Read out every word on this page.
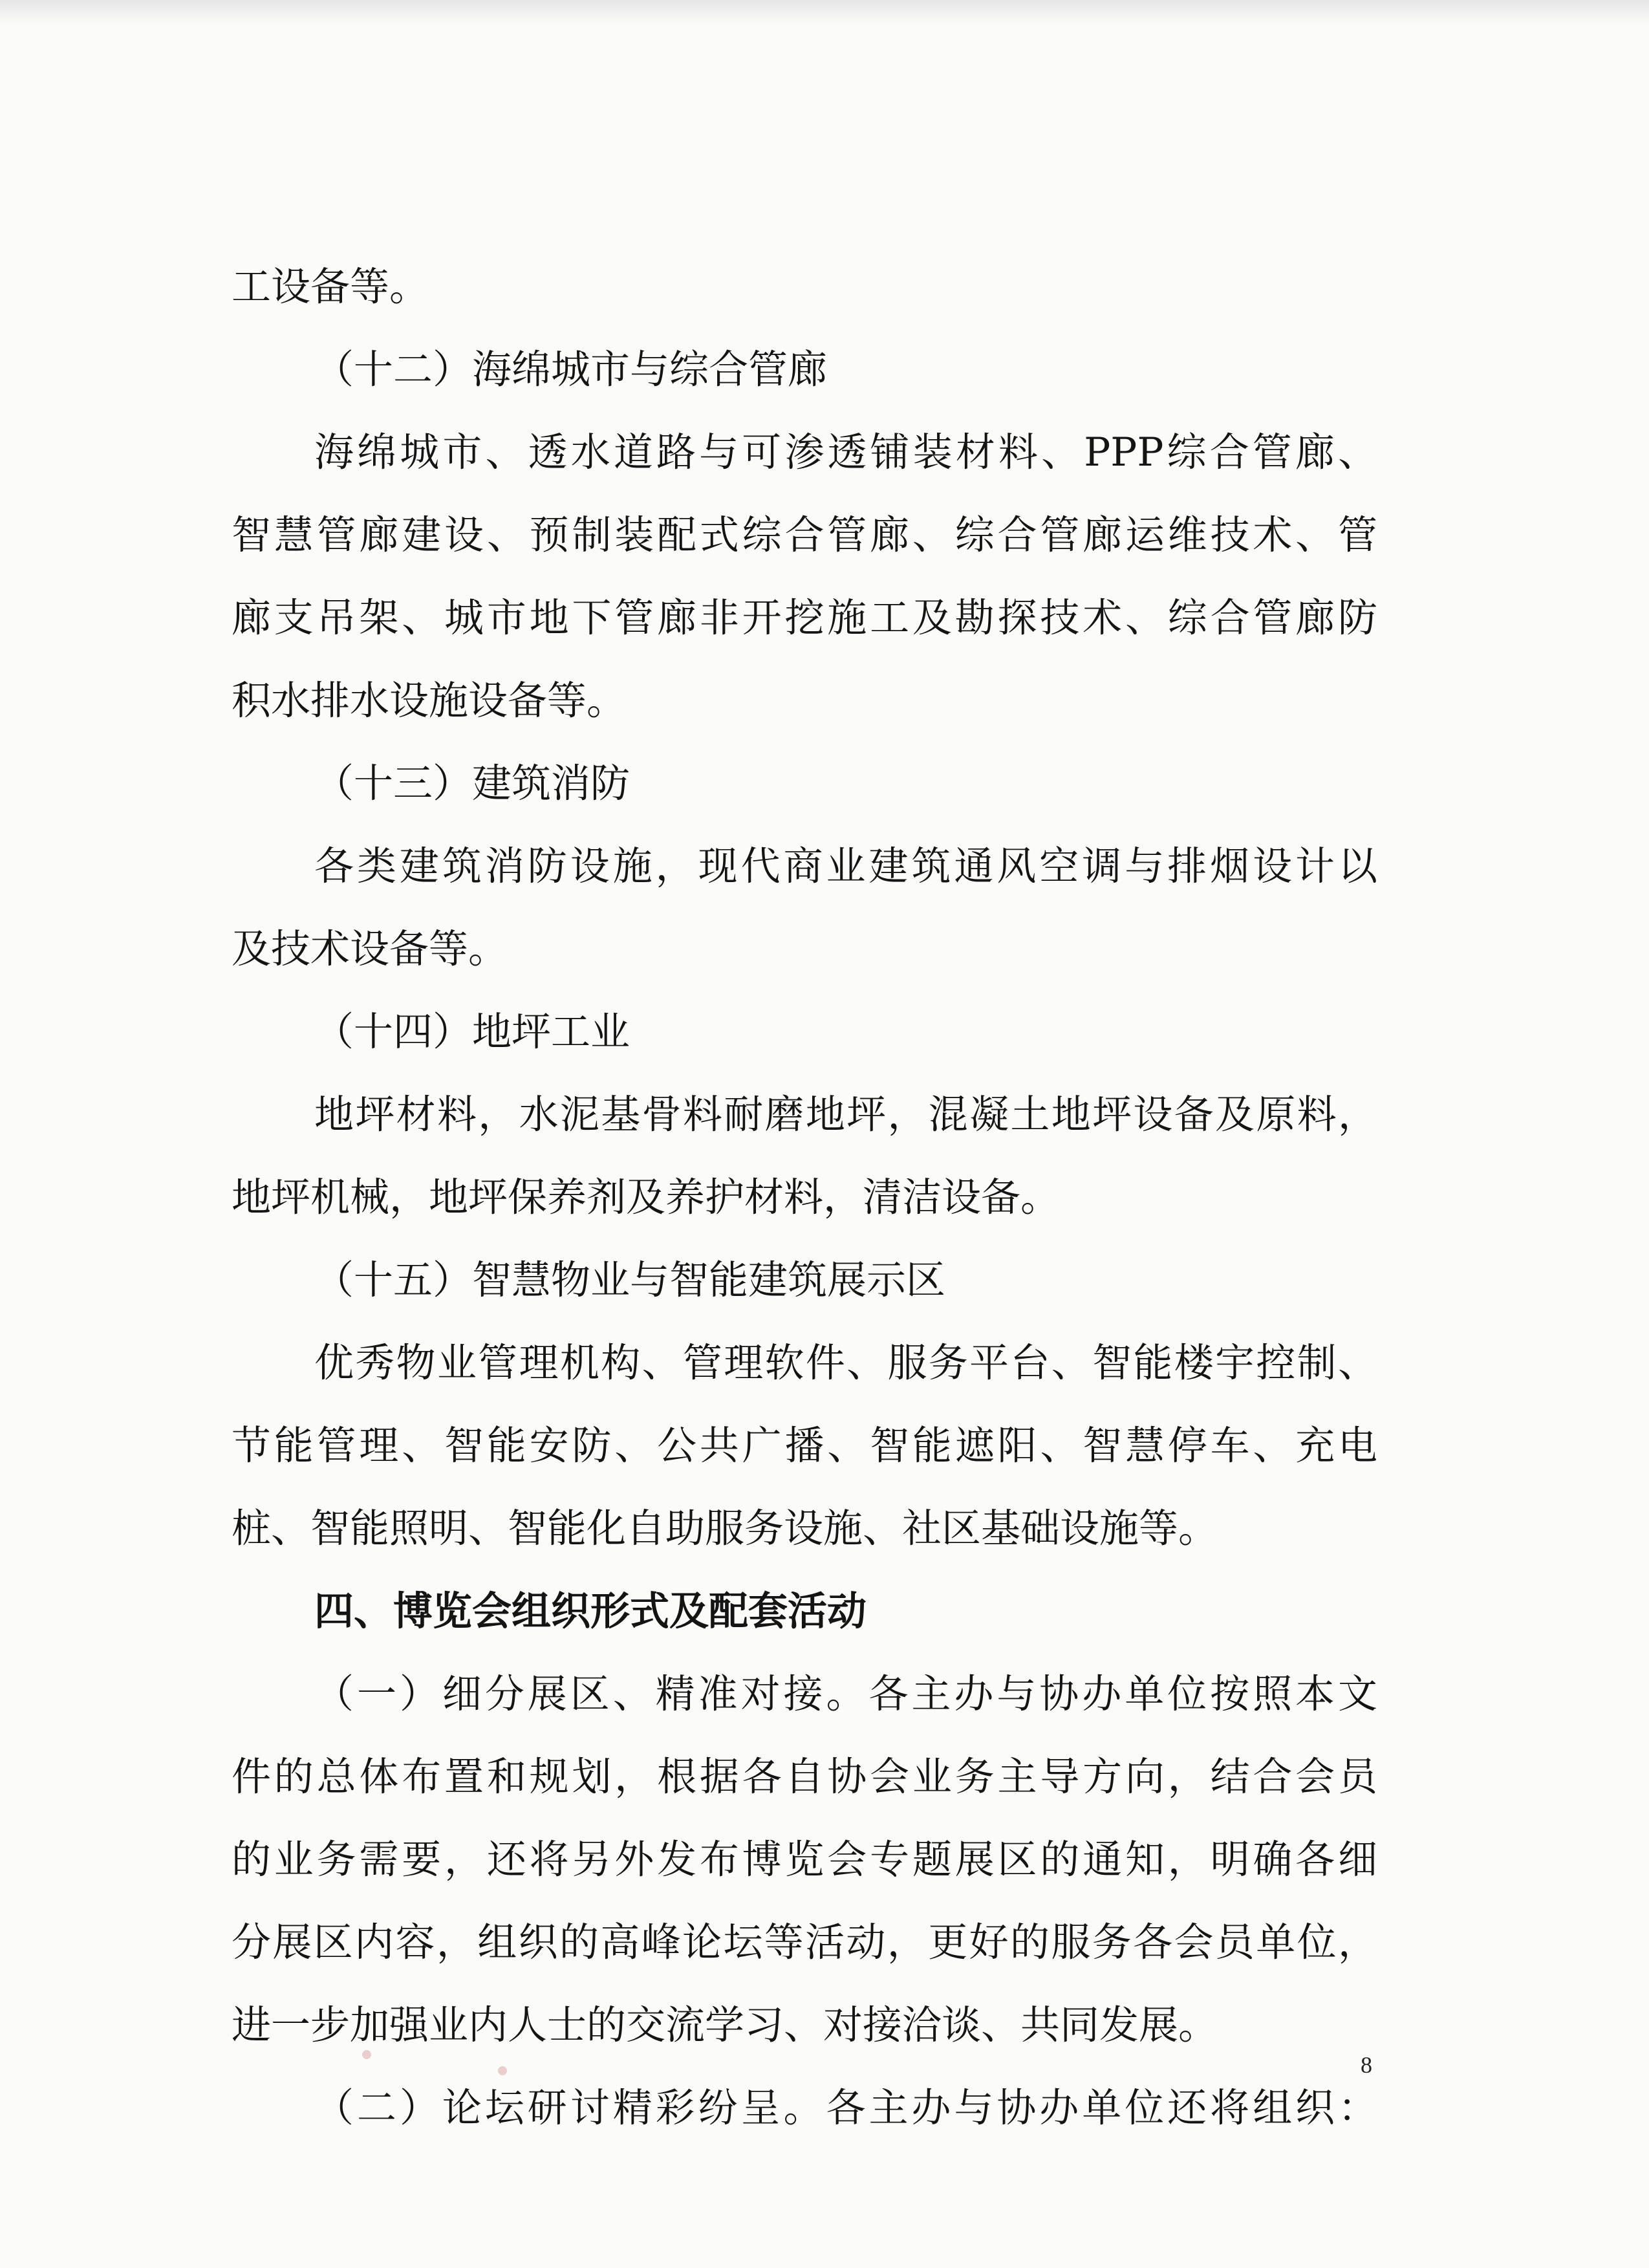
工设备等。
（十二）海绵城市与综合管廊
海绵城市、透水道路与可渗透铺装材料、PPP综合管廊、
智慧管廊建设、预制装配式综合管廊、综合管廊运维技术、管
廊支吊架、城市地下管廊非开挖施工及勘探技术、综合管廊防
积水排水设施设备等。
（十三）建筑消防
各类建筑消防设施，现代商业建筑通风空调与排烟设计以
及技术设备等。
（十四）地坪工业
地坪材料，水泥基骨料耐磨地坪，混凝土地坪设备及原料，
地坪机械，地坪保养剂及养护材料，清洁设备。
（十五）智慧物业与智能建筑展示区
优秀物业管理机构、管理软件、服务平台、智能楼宇控制、
节能管理、智能安防、公共广播、智能遮阳、智慧停车、充电
桩、智能照明、智能化自助服务设施、社区基础设施等。
四、博览会组织形式及配套活动
（一）细分展区、精准对接。各主办与协办单位按照本文
件的总体布置和规划，根据各自协会业务主导方向，结合会员
的业务需要，还将另外发布博览会专题展区的通知，明确各细
分展区内容，组织的高峰论坛等活动，更好的服务各会员单位，
进一步加强业内人士的交流学习、对接洽谈、共同发展。
（二）论坛研讨精彩纷呈。各主办与协办单位还将组织：
8
